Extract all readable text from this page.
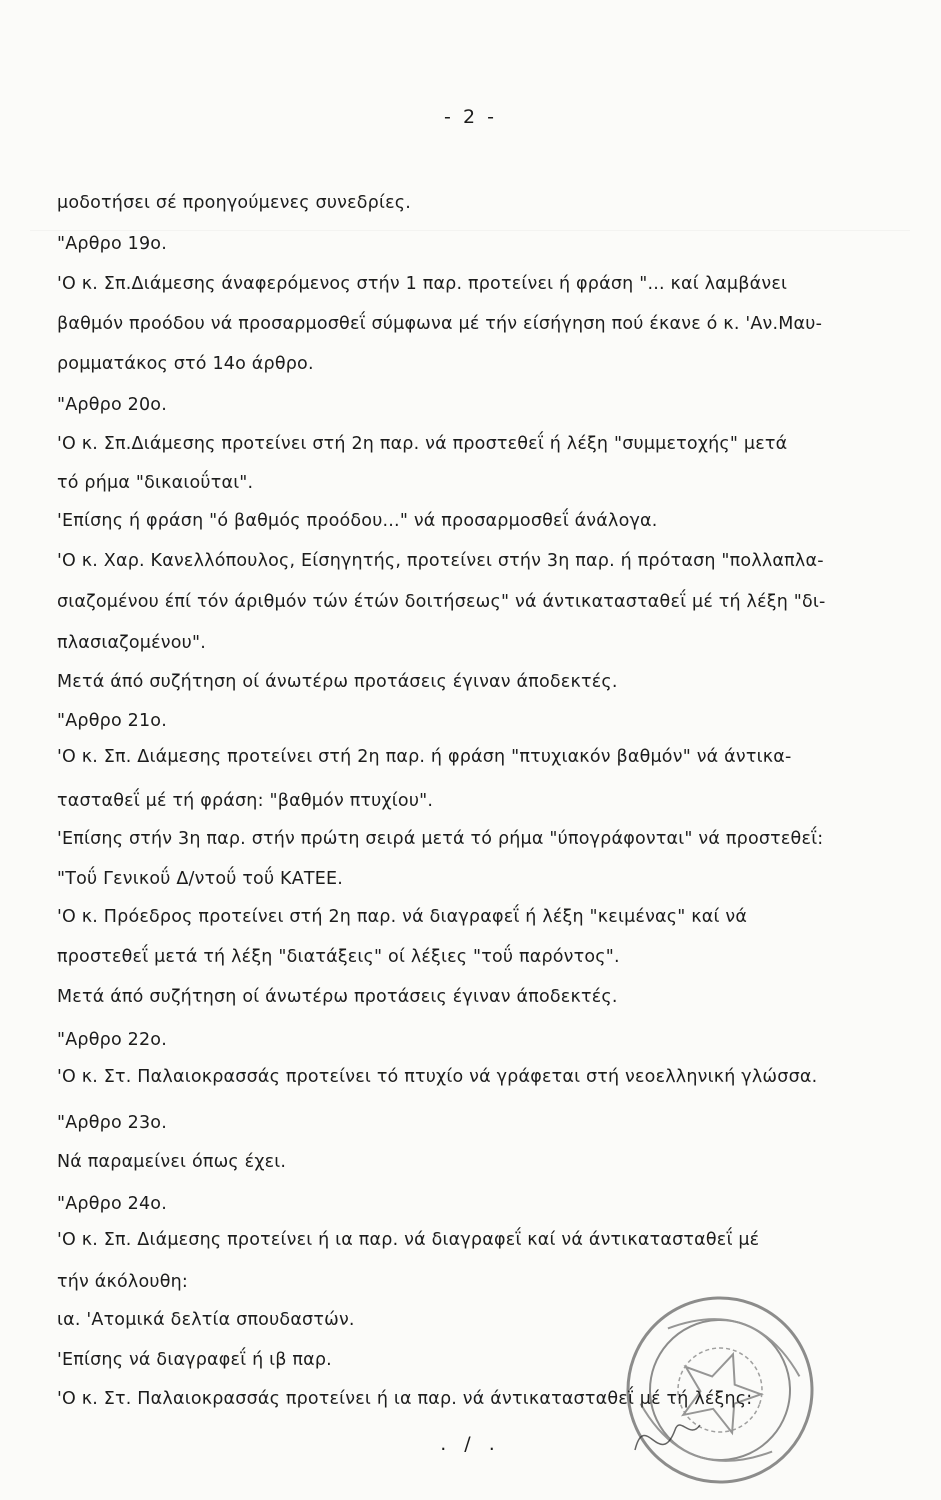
- 2 -
μοδοτήσει σέ προηγούμενες συνεδρίες.
"Αρθρο 19ο.
'Ο κ. Σπ.Διάμεσης άναφερόμενος στήν 1 παρ. προτείνει ή φράση "... καί λαμβάνει
βαθμόν προόδου νά προσαρμοσθεΐ σύμφωνα μέ τήν είσήγηση πού έκανε ό κ. 'Αν.Μαυ-
ρομματάκος στό 14ο άρθρο.
"Αρθρο 20ο.
'Ο κ. Σπ.Διάμεσης προτείνει στή 2η παρ. νά προστεθεΐ ή λέξη "συμμετοχής" μετά
τό ρήμα "δικαιοΰται".
'Επίσης ή φράση "ό βαθμός προόδου..." νά προσαρμοσθεΐ άνάλογα.
'Ο κ. Χαρ. Κανελλόπουλος, Είσηγητής, προτείνει στήν 3η παρ. ή πρόταση "πολλαπλα-
σιαζομένου έπί τόν άριθμόν τών έτών δοιτήσεως" νά άντικατασταθεΐ μέ τή λέξη "δι-
πλασιαζομένου".
Μετά άπό συζήτηση οί άνωτέρω προτάσεις έγιναν άποδεκτές.
"Αρθρο 21ο.
'Ο κ. Σπ. Διάμεσης προτείνει στή 2η παρ. ή φράση "πτυχιακόν βαθμόν" νά άντικα-
τασταθεΐ μέ τή φράση: "βαθμόν πτυχίου".
'Επίσης στήν 3η παρ. στήν πρώτη σειρά μετά τό ρήμα "ύπογράφονται" νά προστεθεΐ:
"Τοΰ Γενικοΰ Δ/ντοΰ τοΰ ΚΑΤΕΕ.
'Ο κ. Πρόεδρος προτείνει στή 2η παρ. νά διαγραφεΐ ή λέξη "κειμένας" καί νά
προστεθεΐ μετά τή λέξη "διατάξεις" οί λέξιες "τοΰ παρόντος".
Μετά άπό συζήτηση οί άνωτέρω προτάσεις έγιναν άποδεκτές.
"Αρθρο 22ο.
'Ο κ. Στ. Παλαιοκρασσάς προτείνει τό πτυχίο νά γράφεται στή νεοελληνική γλώσσα.
"Αρθρο 23ο.
Νά παραμείνει όπως έχει.
"Αρθρο 24ο.
'Ο κ. Σπ. Διάμεσης προτείνει ή ια παρ. νά διαγραφεΐ καί νά άντικατασταθεΐ μέ
τήν άκόλουθη:
ια. 'Ατομικά δελτία σπουδαστών.
'Επίσης νά διαγραφεΐ ή ιβ παρ.
'Ο κ. Στ. Παλαιοκρασσάς προτείνει ή ια παρ. νά άντικατασταθεΐ μέ τή λέξης:
. / .
